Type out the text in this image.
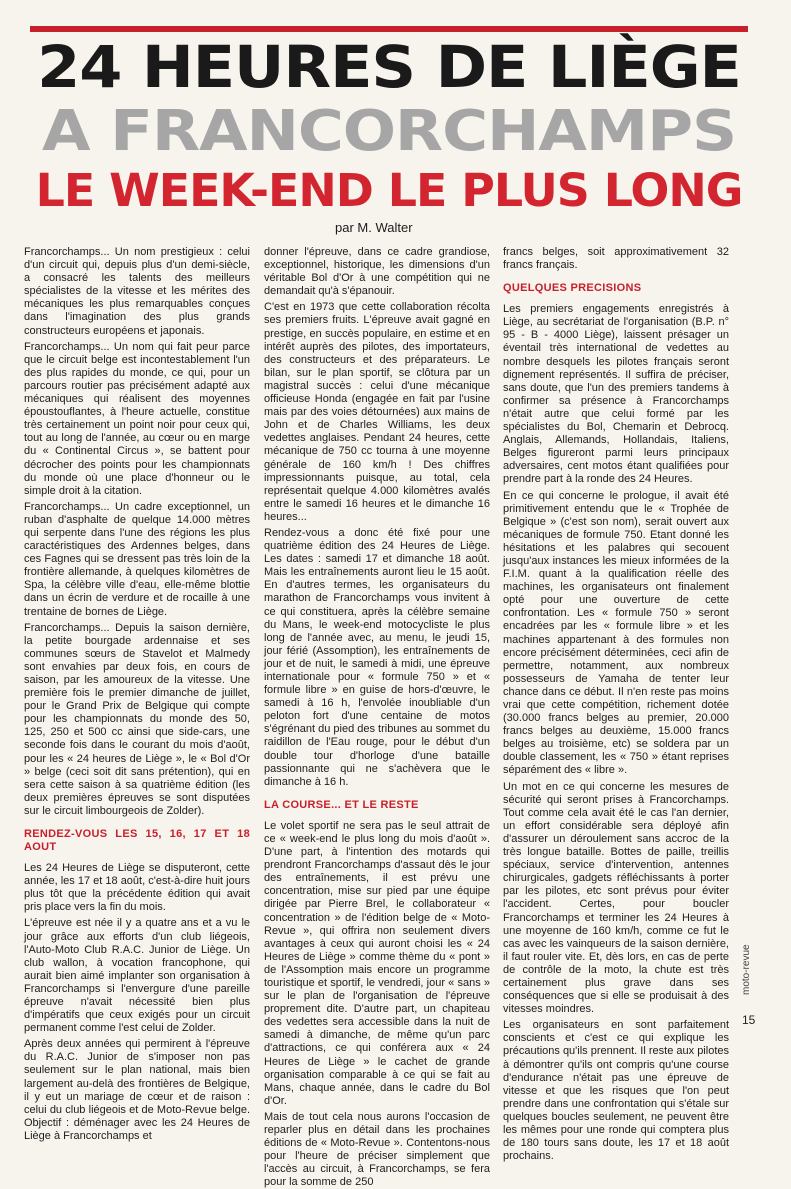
24 HEURES DE LIÈGE
A FRANCORCHAMPS
LE WEEK-END LE PLUS LONG

par M. Walter

Francorchamps... Un nom prestigieux : celui d'un circuit qui, depuis plus d'un demi-siècle, a consacré les talents des meilleurs spécialistes de la vitesse et les mérites des mécaniques les plus remarquables conçues dans l'imagination des plus grands constructeurs européens et japonais.

Francorchamps... Un nom qui fait peur parce que le circuit belge est incontestablement l'un des plus rapides du monde, ce qui, pour un parcours routier pas précisément adapté aux mécaniques qui réalisent des moyennes époustouflantes, à l'heure actuelle, constitue très certainement un point noir pour ceux qui, tout au long de l'année, au cœur ou en marge du « Continental Circus », se battent pour décrocher des points pour les championnats du monde où une place d'honneur ou le simple droit à la citation.

Francorchamps... Un cadre exceptionnel, un ruban d'asphalte de quelque 14.000 mètres qui serpente dans l'une des régions les plus caractéristiques des Ardennes belges, dans ces Fagnes qui se dressent pas très loin de la frontière allemande, à quelques kilomètres de Spa, la célèbre ville d'eau, elle-même blottie dans un écrin de verdure et de rocaille à une trentaine de bornes de Liège.

Francorchamps... Depuis la saison dernière, la petite bourgade ardennaise et ses communes sœurs de Stavelot et Malmedy sont envahies par deux fois, en cours de saison, par les amoureux de la vitesse. Une première fois le premier dimanche de juillet, pour le Grand Prix de Belgique qui compte pour les championnats du monde des 50, 125, 250 et 500 cc ainsi que side-cars, une seconde fois dans le courant du mois d'août, pour les « 24 heures de Liège », le « Bol d'Or » belge (ceci soit dit sans prétention), qui en sera cette saison à sa quatrième édition (les deux premières épreuves se sont disputées sur le circuit limbourgeois de Zolder).

RENDEZ-VOUS LES 15, 16, 17 ET 18 AOUT

Les 24 Heures de Liège se disputeront, cette année, les 17 et 18 août, c'est-à-dire huit jours plus tôt que la précédente édition qui avait pris place vers la fin du mois.

L'épreuve est née il y a quatre ans et a vu le jour grâce aux efforts d'un club liégeois, l'Auto-Moto Club R.A.C. Junior de Liège. Un club wallon, à vocation francophone, qui aurait bien aimé implanter son organisation à Francorchamps si l'envergure d'une pareille épreuve n'avait nécessité bien plus d'impératifs que ceux exigés pour un circuit permanent comme l'est celui de Zolder.

Après deux années qui permirent à l'épreuve du R.A.C. Junior de s'imposer non pas seulement sur le plan national, mais bien largement au-delà des frontières de Belgique, il y eut un mariage de cœur et de raison : celui du club liégeois et de Moto-Revue belge. Objectif : déménager avec les 24 Heures de Liège à Francorchamps et

donner l'épreuve, dans ce cadre grandiose, exceptionnel, historique, les dimensions d'un véritable Bol d'Or à une compétition qui ne demandait qu'à s'épanouir.

C'est en 1973 que cette collaboration récolta ses premiers fruits. L'épreuve avait gagné en prestige, en succès populaire, en estime et en intérêt auprès des pilotes, des importateurs, des constructeurs et des préparateurs. Le bilan, sur le plan sportif, se clôtura par un magistral succès : celui d'une mécanique officieuse Honda (engagée en fait par l'usine mais par des voies détournées) aux mains de John et de Charles Williams, les deux vedettes anglaises. Pendant 24 heures, cette mécanique de 750 cc tourna à une moyenne générale de 160 km/h ! Des chiffres impressionnants puisque, au total, cela représentait quelque 4.000 kilomètres avalés entre le samedi 16 heures et le dimanche 16 heures...

Rendez-vous a donc été fixé pour une quatrième édition des 24 Heures de Liège. Les dates : samedi 17 et dimanche 18 août. Mais les entraînements auront lieu le 15 août. En d'autres termes, les organisateurs du marathon de Francorchamps vous invitent à ce qui constituera, après la célèbre semaine du Mans, le week-end motocycliste le plus long de l'année avec, au menu, le jeudi 15, jour férié (Assomption), les entraînements de jour et de nuit, le samedi à midi, une épreuve internationale pour « formule 750 » et « formule libre » en guise de hors-d'œuvre, le samedi à 16 h, l'envolée inoubliable d'un peloton fort d'une centaine de motos s'égrénant du pied des tribunes au sommet du raidillon de l'Eau rouge, pour le début d'un double tour d'horloge d'une bataille passionnante qui ne s'achèvera que le dimanche à 16 h.

LA COURSE... ET LE RESTE

Le volet sportif ne sera pas le seul attrait de ce « week-end le plus long du mois d'août ». D'une part, à l'intention des motards qui prendront Francorchamps d'assaut dès le jour des entraînements, il est prévu une concentration, mise sur pied par une équipe dirigée par Pierre Brel, le collaborateur « concentration » de l'édition belge de « Moto-Revue », qui offrira non seulement divers avantages à ceux qui auront choisi les « 24 Heures de Liège » comme thème du « pont » de l'Assomption mais encore un programme touristique et sportif, le vendredi, jour « sans » sur le plan de l'organisation de l'épreuve proprement dite. D'autre part, un chapiteau des vedettes sera accessible dans la nuit de samedi à dimanche, de même qu'un parc d'attractions, ce qui conférera aux « 24 Heures de Liège » le cachet de grande organisation comparable à ce qui se fait au Mans, chaque année, dans le cadre du Bol d'Or.

Mais de tout cela nous aurons l'occasion de reparler plus en détail dans les prochaines éditions de « Moto-Revue ». Contentons-nous pour l'heure de préciser simplement que l'accès au circuit, à Francorchamps, se fera pour la somme de 250

francs belges, soit approximativement 32 francs français.

QUELQUES PRECISIONS

Les premiers engagements enregistrés à Liège, au secrétariat de l'organisation (B.P. n° 95 - B - 4000 Liège), laissent présager un éventail très international de vedettes au nombre desquels les pilotes français seront dignement représentés. Il suffira de préciser, sans doute, que l'un des premiers tandems à confirmer sa présence à Francorchamps n'était autre que celui formé par les spécialistes du Bol, Chemarin et Debrocq. Anglais, Allemands, Hollandais, Italiens, Belges figureront parmi leurs principaux adversaires, cent motos étant qualifiées pour prendre part à la ronde des 24 Heures.

En ce qui concerne le prologue, il avait été primitivement entendu que le « Trophée de Belgique » (c'est son nom), serait ouvert aux mécaniques de formule 750. Etant donné les hésitations et les palabres qui secouent jusqu'aux instances les mieux informées de la F.I.M. quant à la qualification réelle des machines, les organisateurs ont finalement opté pour une ouverture de cette confrontation. Les « formule 750 » seront encadrées par les « formule libre » et les machines appartenant à des formules non encore précisément déterminées, ceci afin de permettre, notamment, aux nombreux possesseurs de Yamaha de tenter leur chance dans ce début. Il n'en reste pas moins vrai que cette compétition, richement dotée (30.000 francs belges au premier, 20.000 francs belges au deuxième, 15.000 francs belges au troisième, etc) se soldera par un double classement, les « 750 » étant reprises séparément des « libre ».

Un mot en ce qui concerne les mesures de sécurité qui seront prises à Francorchamps. Tout comme cela avait été le cas l'an dernier, un effort considérable sera déployé afin d'assurer un déroulement sans accroc de la très longue bataille. Bottes de paille, treillis spéciaux, service d'intervention, antennes chirurgicales, gadgets réfléchissants à porter par les pilotes, etc sont prévus pour éviter l'accident. Certes, pour boucler Francorchamps et terminer les 24 Heures à une moyenne de 160 km/h, comme ce fut le cas avec les vainqueurs de la saison dernière, il faut rouler vite. Et, dès lors, en cas de perte de contrôle de la moto, la chute est très certainement plus grave dans ses conséquences que si elle se produisait à des vitesses moindres.

Les organisateurs en sont parfaitement conscients et c'est ce qui explique les précautions qu'ils prennent. Il reste aux pilotes à démontrer qu'ils ont compris qu'une course d'endurance n'était pas une épreuve de vitesse et que les risques que l'on peut prendre dans une confrontation qui s'étale sur quelques boucles seulement, ne peuvent être les mêmes pour une ronde qui comptera plus de 180 tours sans doute, les 17 et 18 août prochains.

moto-revue
15
